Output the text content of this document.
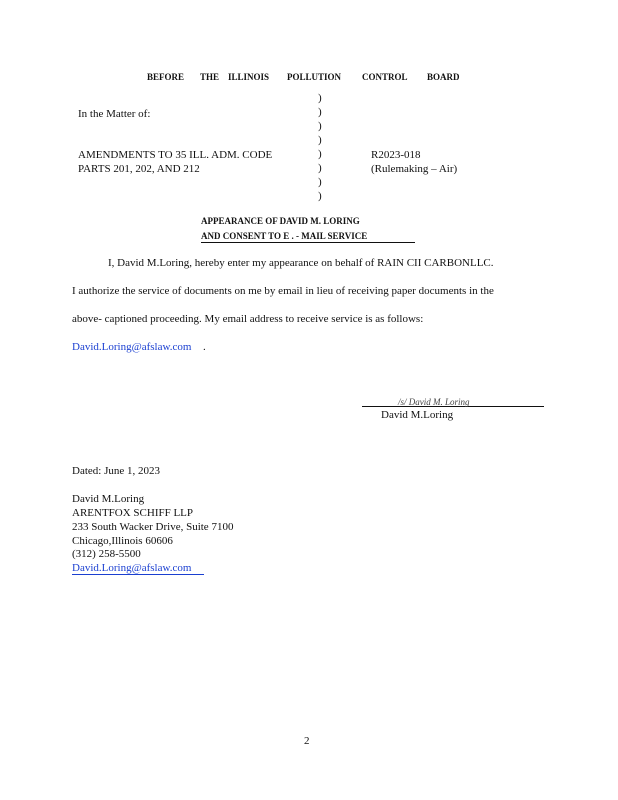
BEFORE THE ILLINOIS POLLUTION CONTROL BOARD
In the Matter of:
)
)
)
)
)
)
)
)
AMENDMENTS TO 35 ILL. ADM. CODE
PARTS 201, 202, AND 212
R2023-018
(Rulemaking – Air)
APPEARANCE OF DAVID M. LORING
AND CONSENT TO E . - MAIL SERVICE
I, David M.Loring, hereby enter my appearance on behalf of RAIN CII CARBONLLC.
I authorize the service of documents on me by email in lieu of receiving paper documents in the
above- captioned proceeding. My email address to receive service is as follows:
David.Loring@afslaw.com .
/s/ David M. Loring
David M.Loring
Dated: June 1, 2023
David M.Loring
ARENTFOX SCHIFF LLP
233 South Wacker Drive, Suite 7100
Chicago,Illinois 60606
(312) 258-5500
David.Loring@afslaw.com
2
